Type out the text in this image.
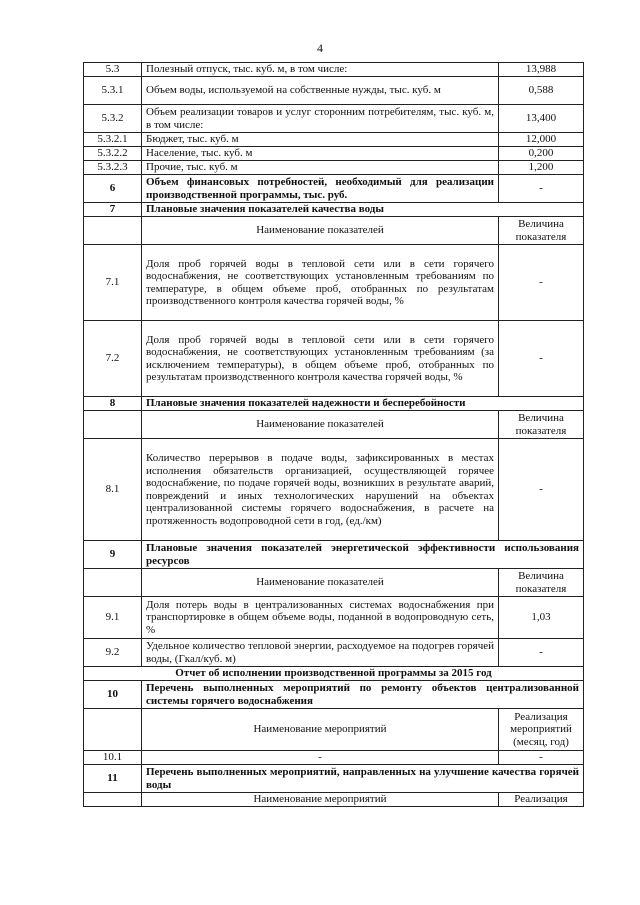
4
5.3	Полезный отпуск, тыс. куб. м, в том числе:	13,988
5.3.1	Объем воды, используемой на собственные нужды, тыс. куб. м	0,588
5.3.2	Объем реализации товаров и услуг сторонним потребителям, тыс. куб. м, в том числе:	13,400
5.3.2.1	Бюджет, тыс. куб. м	12,000
5.3.2.2	Население, тыс. куб. м	0,200
5.3.2.3	Прочие, тыс. куб. м	1,200
6	Объем финансовых потребностей, необходимый для реализации производственной программы, тыс. руб.	-
7	Плановые значения показателей качества воды	
	Наименование показателей	Величина показателя
7.1	Доля проб горячей воды в тепловой сети или в сети горячего водоснабжения, не соответствующих установленным требованиям по температуре, в общем объеме проб, отобранных по результатам производственного контроля качества горячей воды, %	-
7.2	Доля проб горячей воды в тепловой сети или в сети горячего водоснабжения, не соответствующих установленным требованиям (за исключением температуры), в общем объеме проб, отобранных по результатам производственного контроля качества горячей воды, %	-
8	Плановые значения показателей надежности и бесперебойности	
	Наименование показателей	Величина показателя
8.1	Количество перерывов в подаче воды, зафиксированных в местах исполнения обязательств организацией, осуществляющей горячее водоснабжение, по подаче горячей воды, возникших в результате аварий, повреждений и иных технологических нарушений на объектах централизованной системы горячего водоснабжения, в расчете на протяженность водопроводной сети в год, (ед./км)	-
9	Плановые значения показателей энергетической эффективности использования ресурсов	
	Наименование показателей	Величина показателя
9.1	Доля потерь воды в централизованных системах водоснабжения при транспортировке в общем объеме воды, поданной в водопроводную сеть, %	1,03
9.2	Удельное количество тепловой энергии, расходуемое на подогрев горячей воды, (Гкал/куб. м)	-
Отчет об исполнении производственной программы за 2015 год		
10	Перечень выполненных мероприятий по ремонту объектов централизованной системы горячего водоснабжения	
	Наименование мероприятий	Реализация мероприятий (месяц, год)
10.1	-	-
11	Перечень выполненных мероприятий, направленных на улучшение качества горячей воды	
	Наименование мероприятий	Реализация
